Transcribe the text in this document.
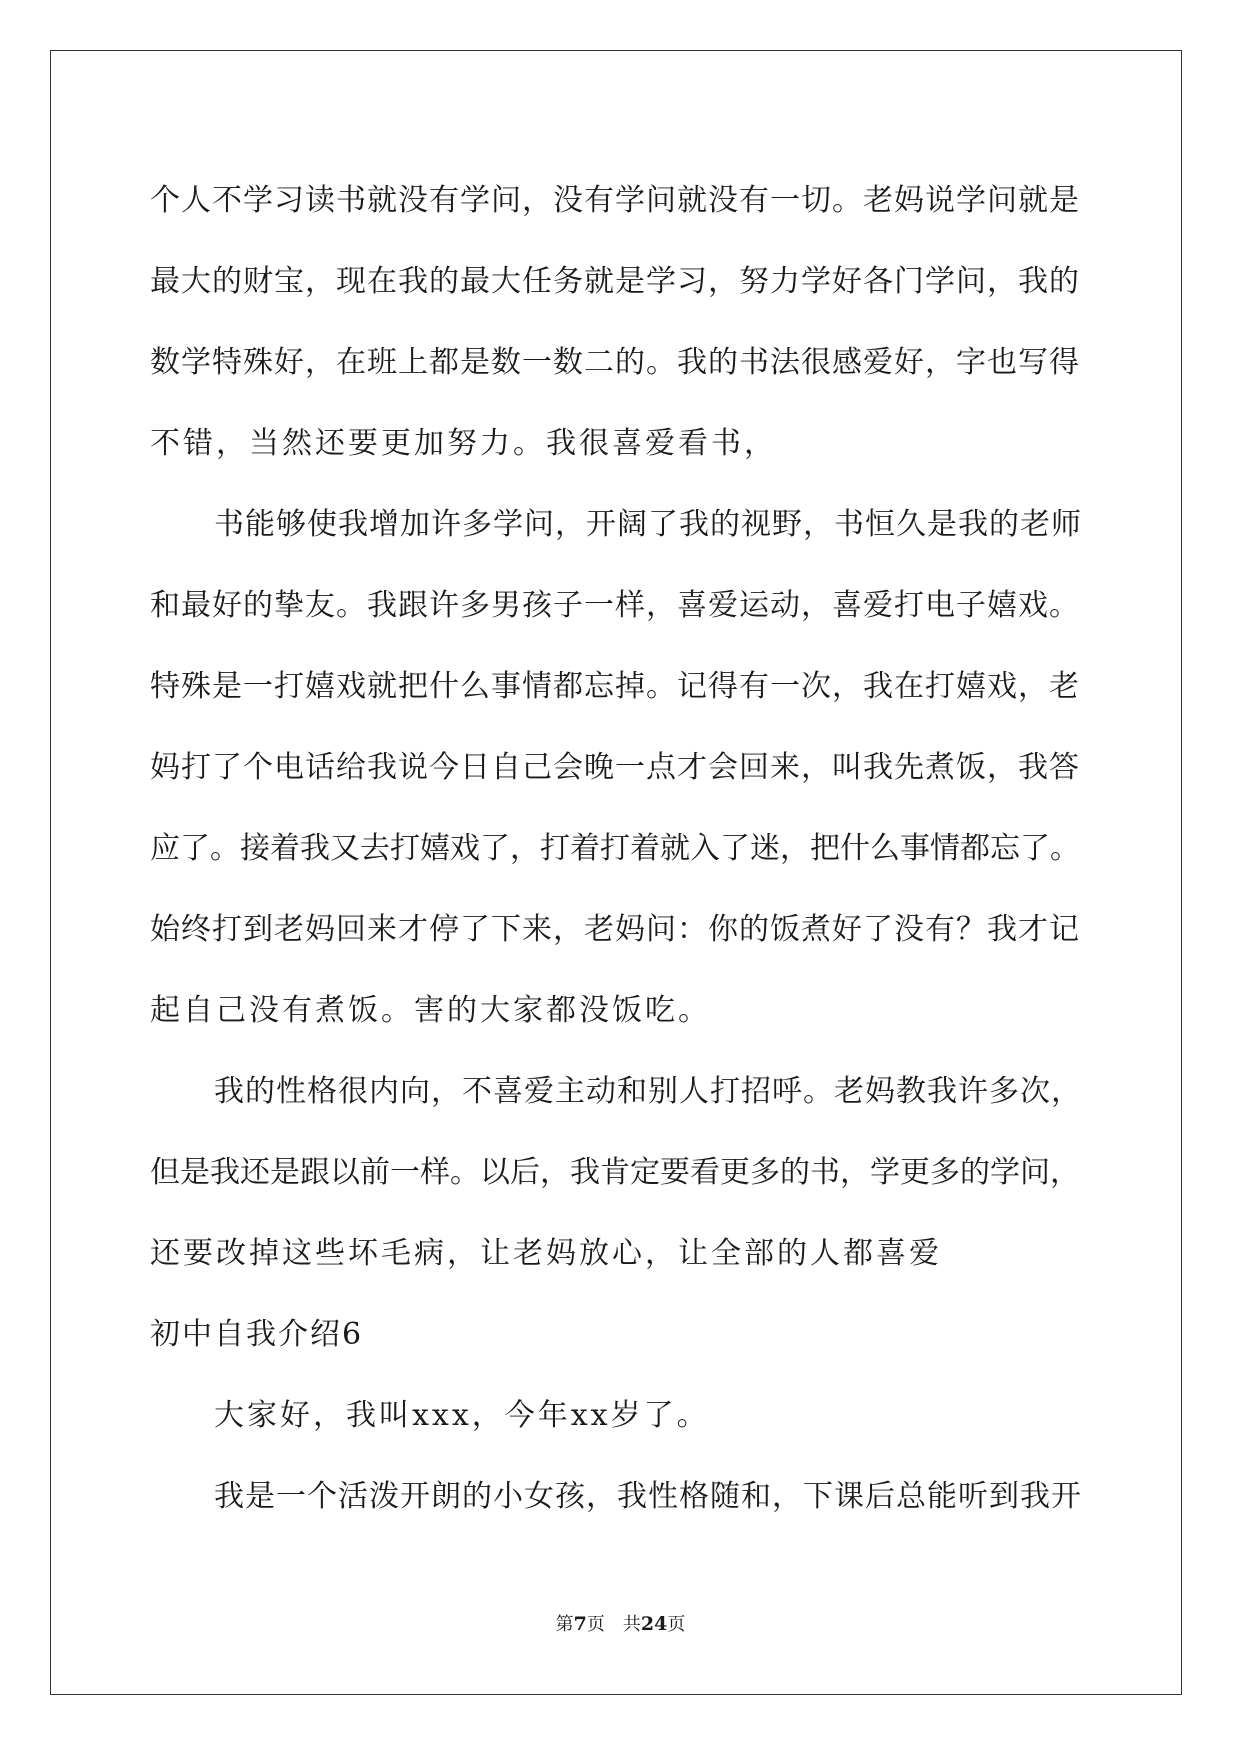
个人不学习读书就没有学问，没有学问就没有一切。老妈说学问就是
最大的财宝，现在我的最大任务就是学习，努力学好各门学问，我的
数学特殊好，在班上都是数一数二的。我的书法很感爱好，字也写得
不错，当然还要更加努力。我很喜爱看书，
书能够使我增加许多学问，开阔了我的视野，书恒久是我的老师
和最好的挚友。我跟许多男孩子一样，喜爱运动，喜爱打电子嬉戏。
特殊是一打嬉戏就把什么事情都忘掉。记得有一次，我在打嬉戏，老
妈打了个电话给我说今日自己会晚一点才会回来，叫我先煮饭，我答
应了。接着我又去打嬉戏了，打着打着就入了迷，把什么事情都忘了。
始终打到老妈回来才停了下来，老妈问：你的饭煮好了没有？我才记
起自己没有煮饭。害的大家都没饭吃。
我的性格很内向，不喜爱主动和别人打招呼。老妈教我许多次，
但是我还是跟以前一样。以后，我肯定要看更多的书，学更多的学问，
还要改掉这些坏毛病，让老妈放心，让全部的人都喜爱
初中自我介绍6
大家好，我叫xxx，今年xx岁了。
我是一个活泼开朗的小女孩，我性格随和，下课后总能听到我开
第7页 共24页
